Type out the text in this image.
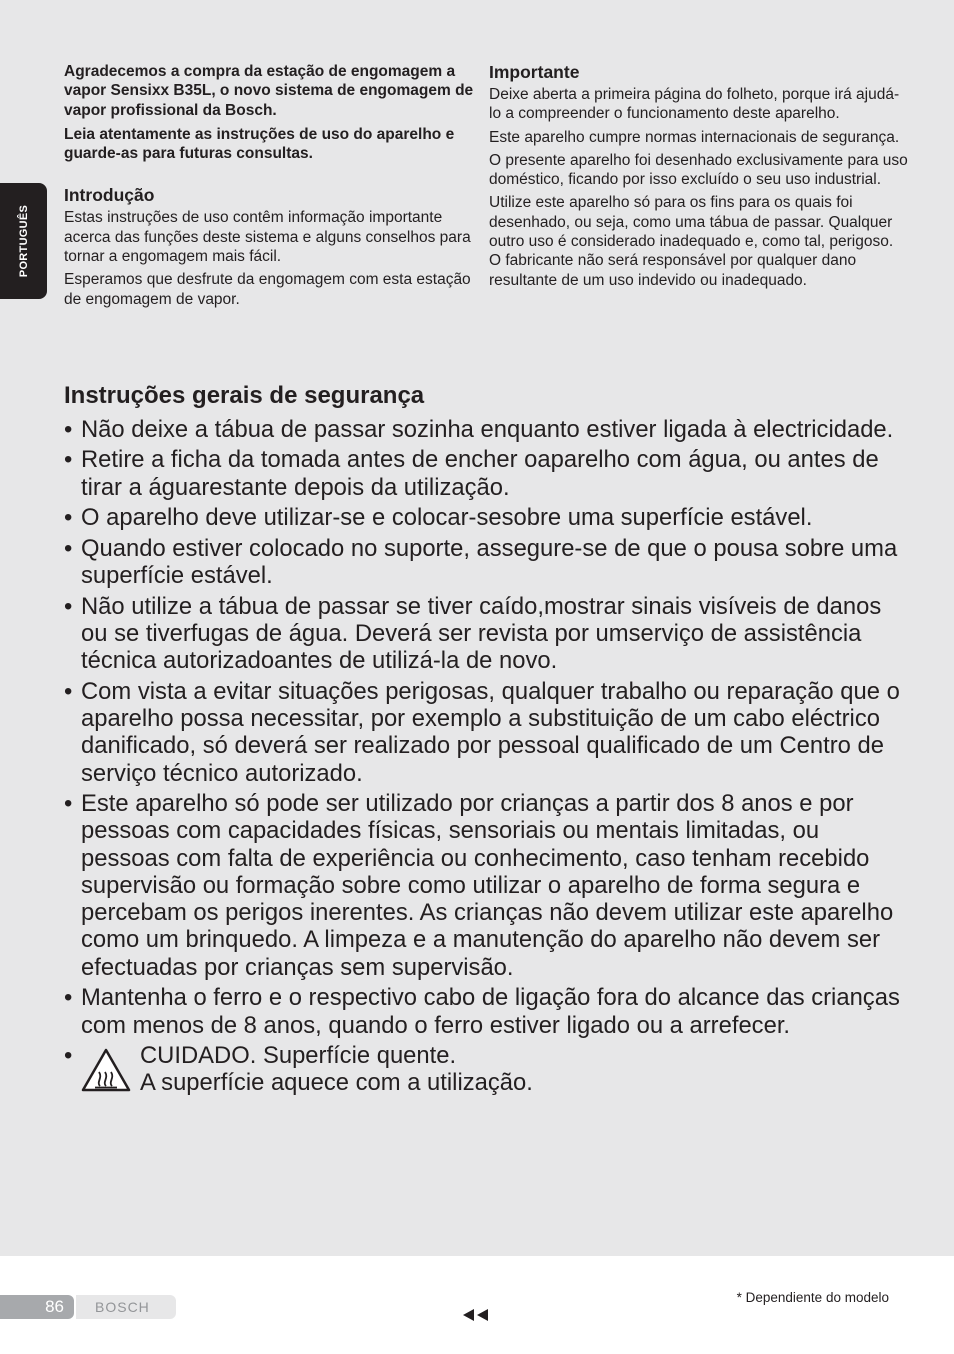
PORTUGUÊS

Agradecemos a compra da estação de engomagem a vapor Sensixx B35L, o novo sistema de engomagem de vapor profissional da Bosch.

Leia atentamente as instruções de uso do aparelho e guarde-as para futuras consultas.

Introdução

Estas instruções de uso contêm informação importante acerca das funções deste sistema e alguns conselhos para tornar a engomagem mais fácil.

Esperamos que desfrute da engomagem com esta estação de engomagem de vapor.

Importante

Deixe aberta a primeira página do folheto, porque irá ajudá-lo a compreender o funcionamento deste aparelho.

Este aparelho cumpre normas internacionais de segurança.

O presente aparelho foi desenhado exclusivamente para uso doméstico, ficando por isso excluído o seu uso industrial.

Utilize este aparelho só para os fins para os quais foi desenhado, ou seja, como uma tábua de passar. Qualquer outro uso é considerado inadequado e, como tal, perigoso. O fabricante não será responsável por qualquer dano resultante de um uso indevido ou inadequado.

Instruções gerais de segurança
• Não deixe a tábua de passar sozinha enquanto estiver ligada à electricidade.
• Retire a ficha da tomada antes de encher oaparelho com água, ou antes de tirar a águarestante depois da utilização.
• O aparelho deve utilizar-se e colocar-sesobre uma superfície estável.
• Quando estiver colocado no suporte, assegure-se de que o pousa sobre uma superfície estável.
• Não utilize a tábua de passar se tiver caído,mostrar sinais visíveis de danos ou se tiverfugas de água. Deverá ser revista por umserviço de assistência técnica autorizadoantes de utilizá-la de novo.
• Com vista a evitar situações perigosas, qualquer trabalho ou reparação que o aparelho possa necessitar, por exemplo a substituição de um cabo eléctrico danificado, só deverá ser realizado por pessoal qualificado de um Centro de serviço técnico autorizado.
• Este aparelho só pode ser utilizado por crianças a partir dos 8 anos e por pessoas com capacidades físicas, sensoriais ou mentais limitadas, ou pessoas com falta de experiência ou conhecimento, caso tenham recebido supervisão ou formação sobre como utilizar o aparelho de forma segura e percebam os perigos inerentes. As crianças não devem utilizar este aparelho como um brinquedo. A limpeza e a manutenção do aparelho não devem ser efectuadas por crianças sem supervisão.
• Mantenha o ferro e o respectivo cabo de ligação fora do alcance das crianças com menos de 8 anos, quando o ferro estiver ligado ou a arrefecer.
•	CUIDADO. Superfície quente.
A superfície aquece com a utilização.
86	BOSCH
* Dependiente do modelo
